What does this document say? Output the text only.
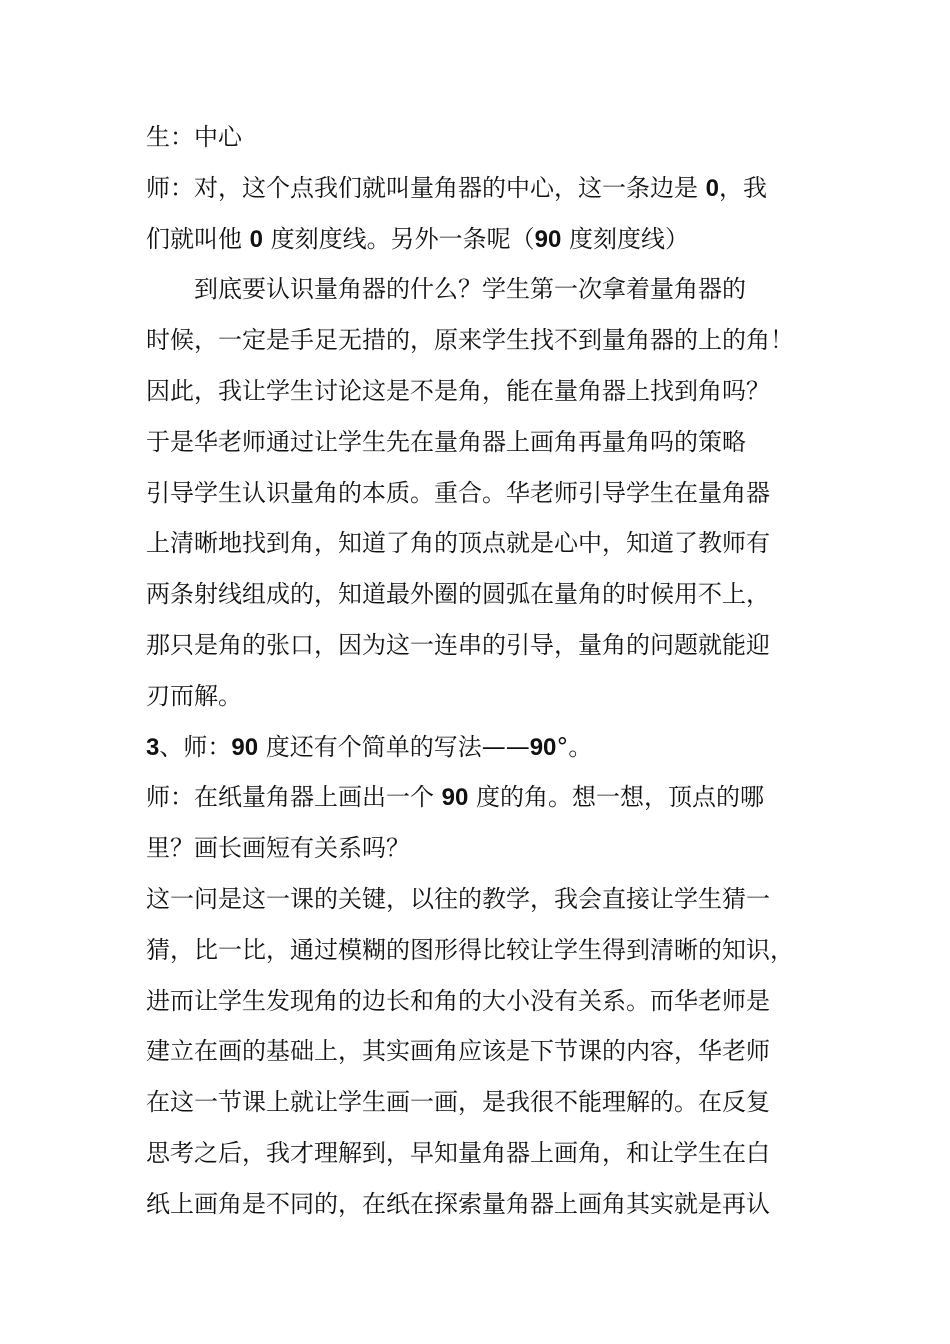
生：中心
师：对，这个点我们就叫量角器的中心，这一条边是 0，我
们就叫他 0 度刻度线。另外一条呢（90 度刻度线）
到底要认识量角器的什么？学生第一次拿着量角器的
时候，一定是手足无措的，原来学生找不到量角器的上的角！
因此，我让学生讨论这是不是角，能在量角器上找到角吗？
于是华老师通过让学生先在量角器上画角再量角吗的策略
引导学生认识量角的本质。重合。华老师引导学生在量角器
上清晰地找到角，知道了角的顶点就是心中，知道了教师有
两条射线组成的，知道最外圈的圆弧在量角的时候用不上，
那只是角的张口，因为这一连串的引导，量角的问题就能迎
刃而解。
3、师：90 度还有个简单的写法——90°。
师：在纸量角器上画出一个 90 度的角。想一想，顶点的哪
里？画长画短有关系吗？
这一问是这一课的关键，以往的教学，我会直接让学生猜一
猜，比一比，通过模糊的图形得比较让学生得到清晰的知识，
进而让学生发现角的边长和角的大小没有关系。而华老师是
建立在画的基础上，其实画角应该是下节课的内容，华老师
在这一节课上就让学生画一画，是我很不能理解的。在反复
思考之后，我才理解到，早知量角器上画角，和让学生在白
纸上画角是不同的，在纸在探索量角器上画角其实就是再认
